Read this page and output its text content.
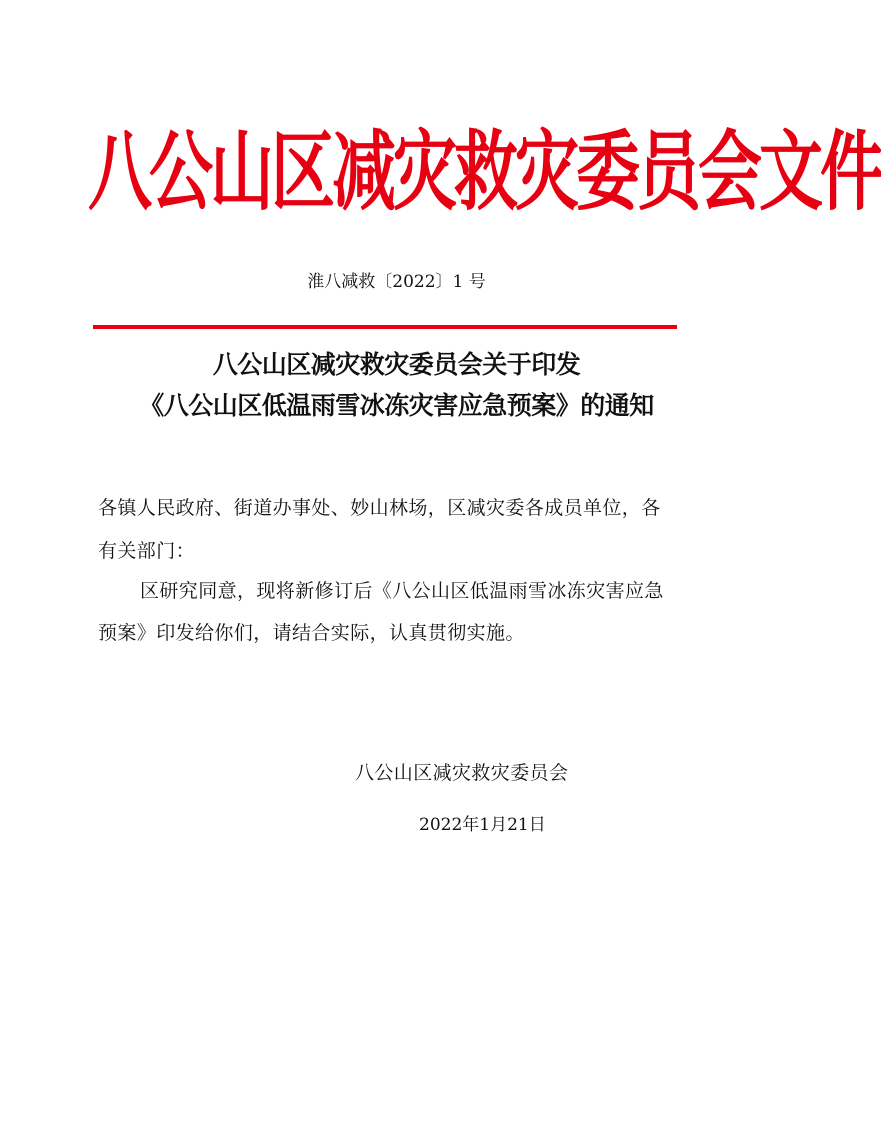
八公山区减灾救灾委员会文件
淮八减救〔2022〕1 号
八公山区减灾救灾委员会关于印发
《八公山区低温雨雪冰冻灾害应急预案》的通知
各镇人民政府、街道办事处、妙山林场，区减灾委各成员单位，各
有关部门：
区研究同意，现将新修订后《八公山区低温雨雪冰冻灾害应急
预案》印发给你们，请结合实际，认真贯彻实施。
八公山区减灾救灾委员会
2022年1月21日
